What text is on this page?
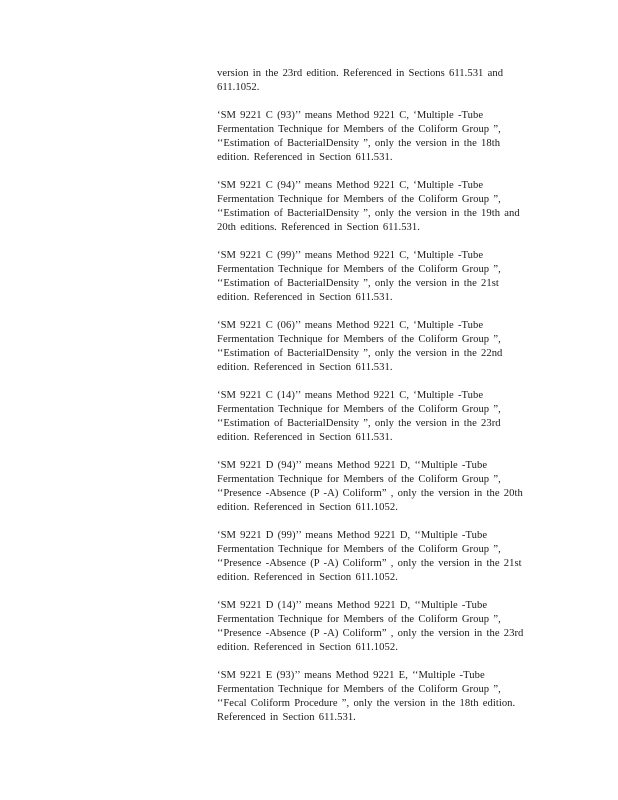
version in the 23rd edition. Referenced in Sections 611.531 and
611.1052.

‘SM 9221 C (93)’’ means Method 9221 C, ‘Multiple -Tube
Fermentation Technique for Members of the Coliform Group ”,
‘‘Estimation of BacterialDensity ”, only the version in the 18th
edition. Referenced in Section 611.531.

‘SM 9221 C (94)’’ means Method 9221 C, ‘Multiple -Tube
Fermentation Technique for Members of the Coliform Group ”,
‘‘Estimation of BacterialDensity ”, only the version in the 19th and
20th editions. Referenced in Section 611.531.

‘SM 9221 C (99)’’ means Method 9221 C, ‘Multiple -Tube
Fermentation Technique for Members of the Coliform Group ”,
‘‘Estimation of BacterialDensity ”, only the version in the 21st
edition. Referenced in Section 611.531.

‘SM 9221 C (06)’’ means Method 9221 C, ‘Multiple -Tube
Fermentation Technique for Members of the Coliform Group ”,
‘‘Estimation of BacterialDensity ”, only the version in the 22nd
edition. Referenced in Section 611.531.

‘SM 9221 C (14)’’ means Method 9221 C, ‘Multiple -Tube
Fermentation Technique for Members of the Coliform Group ”,
‘‘Estimation of BacterialDensity ”, only the version in the 23rd
edition. Referenced in Section 611.531.

‘SM 9221 D (94)’’ means Method 9221 D, ‘‘Multiple -Tube
Fermentation Technique for Members of the Coliform Group ”,
‘‘Presence -Absence (P -A) Coliform” , only the version in the 20th
edition. Referenced in Section 611.1052.

‘SM 9221 D (99)’’ means Method 9221 D, ‘‘Multiple -Tube
Fermentation Technique for Members of the Coliform Group ”,
‘‘Presence -Absence (P -A) Coliform” , only the version in the 21st
edition. Referenced in Section 611.1052.

‘SM 9221 D (14)’’ means Method 9221 D, ‘‘Multiple -Tube
Fermentation Technique for Members of the Coliform Group ”,
‘‘Presence -Absence (P -A) Coliform” , only the version in the 23rd
edition. Referenced in Section 611.1052.

‘SM 9221 E (93)’’ means Method 9221 E, ‘‘Multiple -Tube
Fermentation Technique for Members of the Coliform Group ”,
‘‘Fecal Coliform Procedure ”, only the version in the 18th edition.
Referenced in Section 611.531.
